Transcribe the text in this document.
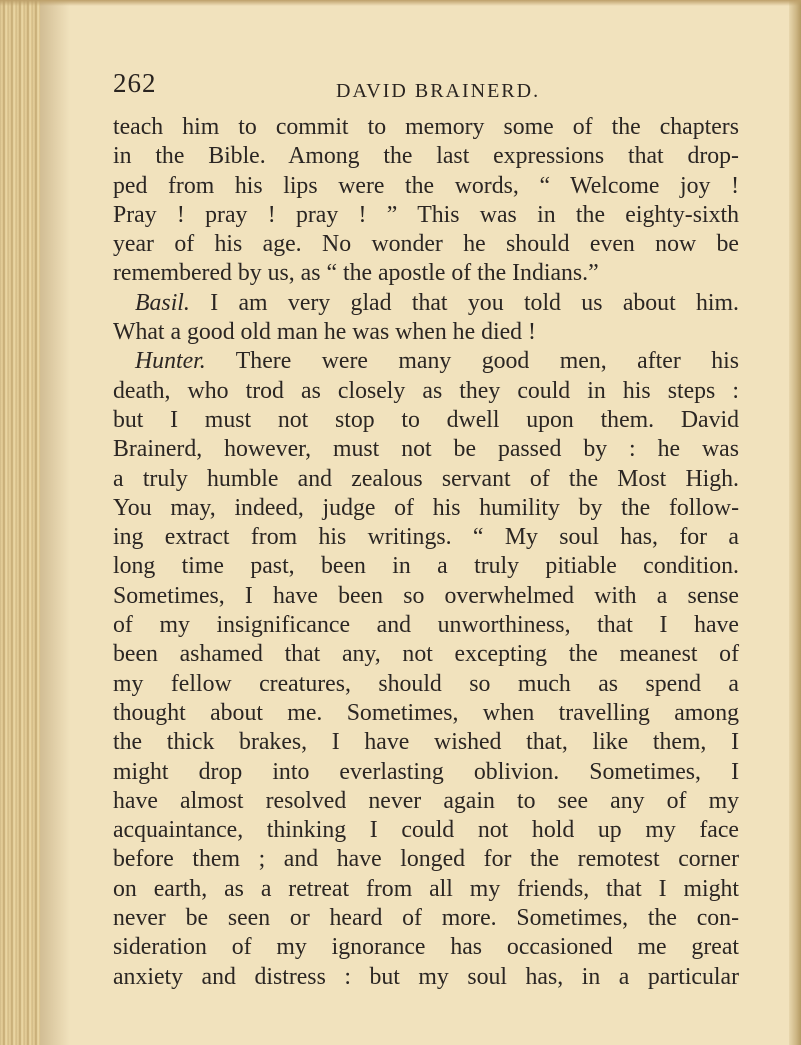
262	DAVID BRAINERD.
teach him to commit to memory some of the chapters
in the Bible. Among the last expressions that drop-
ped from his lips were the words, “ Welcome joy !
Pray ! pray ! pray ! ” This was in the eighty-sixth
year of his age. No wonder he should even now be
remembered by us, as “ the apostle of the Indians.”
Basil. I am very glad that you told us about him.
What a good old man he was when he died !
Hunter. There were many good men, after his
death, who trod as closely as they could in his steps :
but I must not stop to dwell upon them. David
Brainerd, however, must not be passed by : he was
a truly humble and zealous servant of the Most High.
You may, indeed, judge of his humility by the follow-
ing extract from his writings. “ My soul has, for a
long time past, been in a truly pitiable condition.
Sometimes, I have been so overwhelmed with a sense
of my insignificance and unworthiness, that I have
been ashamed that any, not excepting the meanest of
my fellow creatures, should so much as spend a
thought about me. Sometimes, when travelling among
the thick brakes, I have wished that, like them, I
might drop into everlasting oblivion. Sometimes, I
have almost resolved never again to see any of my
acquaintance, thinking I could not hold up my face
before them ; and have longed for the remotest corner
on earth, as a retreat from all my friends, that I might
never be seen or heard of more. Sometimes, the con-
sideration of my ignorance has occasioned me great
anxiety and distress : but my soul has, in a particular
